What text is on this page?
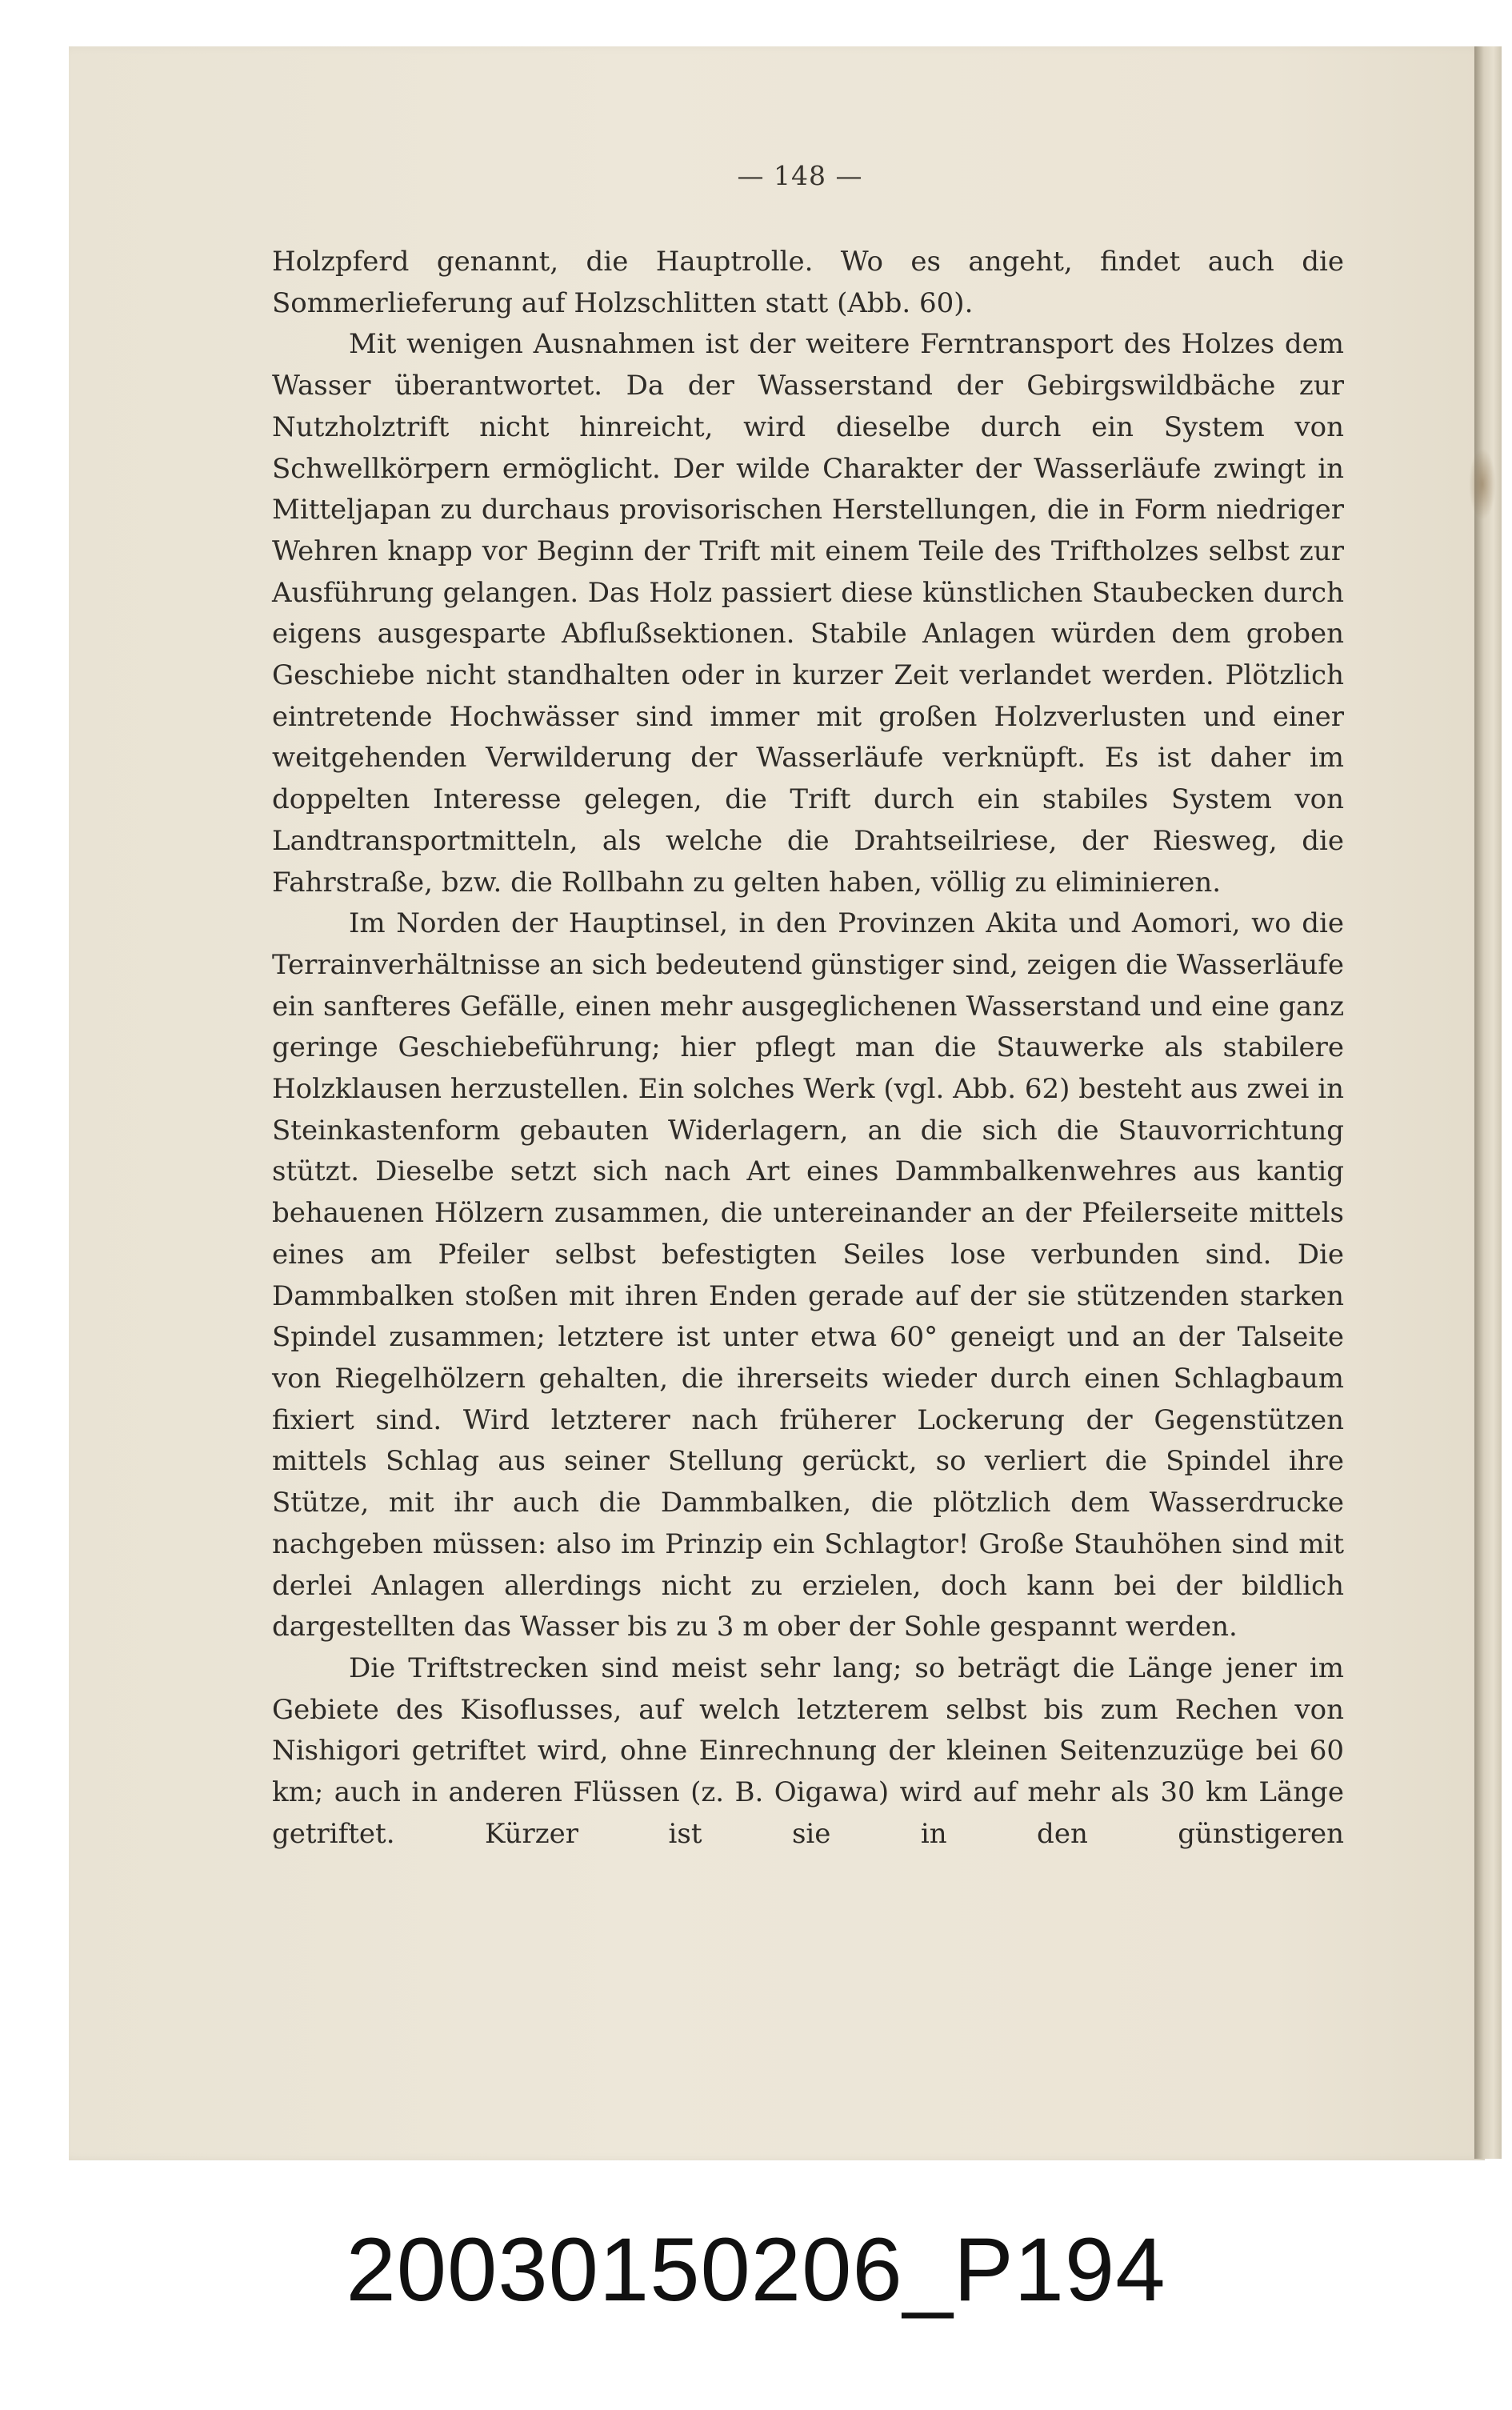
— 148 —

Holzpferd genannt, die Hauptrolle. Wo es angeht, findet auch die Sommerlieferung auf Holzschlitten statt (Abb. 60).

Mit wenigen Ausnahmen ist der weitere Ferntransport des Holzes dem Wasser überantwortet. Da der Wasserstand der Gebirgswildbäche zur Nutzholztrift nicht hinreicht, wird dieselbe durch ein System von Schwellkörpern ermöglicht. Der wilde Charakter der Wasserläufe zwingt in Mitteljapan zu durchaus provisorischen Herstellungen, die in Form niedriger Wehren knapp vor Beginn der Trift mit einem Teile des Triftholzes selbst zur Ausführung gelangen. Das Holz passiert diese künstlichen Staubecken durch eigens ausgesparte Abflußsektionen. Stabile Anlagen würden dem groben Geschiebe nicht standhalten oder in kurzer Zeit verlandet werden. Plötzlich eintretende Hochwässer sind immer mit großen Holzverlusten und einer weitgehenden Verwilderung der Wasserläufe verknüpft. Es ist daher im doppelten Interesse gelegen, die Trift durch ein stabiles System von Landtransportmitteln, als welche die Drahtseilriese, der Riesweg, die Fahrstraße, bzw. die Rollbahn zu gelten haben, völlig zu eliminieren.

Im Norden der Hauptinsel, in den Provinzen Akita und Aomori, wo die Terrainverhältnisse an sich bedeutend günstiger sind, zeigen die Wasserläufe ein sanfteres Gefälle, einen mehr ausgeglichenen Wasserstand und eine ganz geringe Geschiebeführung; hier pflegt man die Stauwerke als stabilere Holzklausen herzustellen. Ein solches Werk (vgl. Abb. 62) besteht aus zwei in Steinkastenform gebauten Widerlagern, an die sich die Stauvorrichtung stützt. Dieselbe setzt sich nach Art eines Dammbalkenwehres aus kantig behauenen Hölzern zusammen, die untereinander an der Pfeilerseite mittels eines am Pfeiler selbst befestigten Seiles lose verbunden sind. Die Dammbalken stoßen mit ihren Enden gerade auf der sie stützenden starken Spindel zusammen; letztere ist unter etwa 60° geneigt und an der Talseite von Riegelhölzern gehalten, die ihrerseits wieder durch einen Schlagbaum fixiert sind. Wird letzterer nach früherer Lockerung der Gegenstützen mittels Schlag aus seiner Stellung gerückt, so verliert die Spindel ihre Stütze, mit ihr auch die Dammbalken, die plötzlich dem Wasserdrucke nachgeben müssen: also im Prinzip ein Schlagtor! Große Stauhöhen sind mit derlei Anlagen allerdings nicht zu erzielen, doch kann bei der bildlich dargestellten das Wasser bis zu 3 m ober der Sohle gespannt werden.

Die Triftstrecken sind meist sehr lang; so beträgt die Länge jener im Gebiete des Kisoflusses, auf welch letzterem selbst bis zum Rechen von Nishigori getriftet wird, ohne Einrechnung der kleinen Seitenzuzüge bei 60 km; auch in anderen Flüssen (z. B. Oigawa) wird auf mehr als 30 km Länge getriftet. Kürzer ist sie in den günstigeren

20030150206_P194
